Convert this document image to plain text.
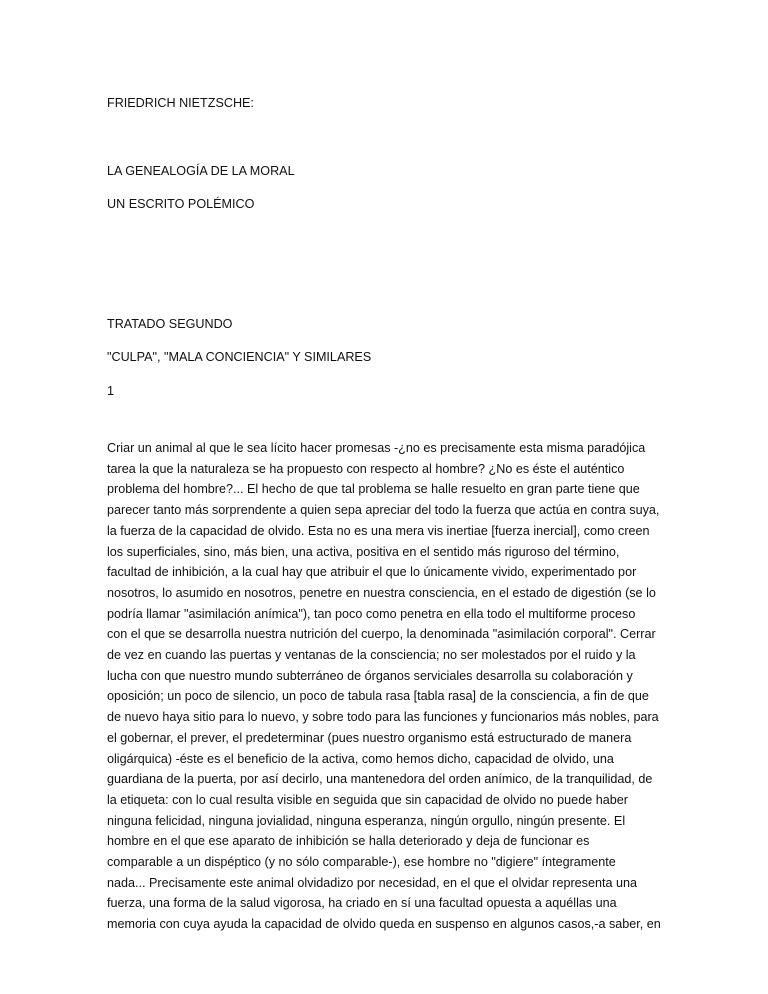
FRIEDRICH NIETZSCHE:

LA GENEALOGÍA DE LA MORAL

UN ESCRITO POLÉMICO

TRATADO SEGUNDO

"CULPA", "MALA CONCIENCIA" Y SIMILARES

1

Criar un animal al que le sea lícito hacer promesas -¿no es precisamente esta misma paradójica
tarea la que la naturaleza se ha propuesto con respecto al hombre? ¿No es éste el auténtico
problema del hombre?... El hecho de que tal problema se halle resuelto en gran parte tiene que
parecer tanto más sorprendente a quien sepa apreciar del todo la fuerza que actúa en contra suya,
la fuerza de la capacidad de olvido. Esta no es una mera vis inertiae [fuerza inercial], como creen
los superficiales, sino, más bien, una activa, positiva en el sentido más riguroso del término,
facultad de inhibición, a la cual hay que atribuir el que lo únicamente vivido, experimentado por
nosotros, lo asumido en nosotros, penetre en nuestra consciencia, en el estado de digestión (se lo
podría llamar "asimilación anímica"), tan poco como penetra en ella todo el multiforme proceso
con el que se desarrolla nuestra nutrición del cuerpo, la denominada "asimilación corporal". Cerrar
de vez en cuando las puertas y ventanas de la consciencia; no ser molestados por el ruido y la
lucha con que nuestro mundo subterráneo de órganos serviciales desarrolla su colaboración y
oposición; un poco de silencio, un poco de tabula rasa [tabla rasa] de la consciencia, a fin de que
de nuevo haya sitio para lo nuevo, y sobre todo para las funciones y funcionarios más nobles, para
el gobernar, el prever, el predeterminar (pues nuestro organismo está estructurado de manera
oligárquica) -éste es el beneficio de la activa, como hemos dicho, capacidad de olvido, una
guardiana de la puerta, por así decirlo, una mantenedora del orden anímico, de la tranquilidad, de
la etiqueta: con lo cual resulta visible en seguida que sin capacidad de olvido no puede haber
ninguna felicidad, ninguna jovialidad, ninguna esperanza, ningún orgullo, ningún presente. El
hombre en el que ese aparato de inhibición se halla deteriorado y deja de funcionar es
comparable a un dispéptico (y no sólo comparable-), ese hombre no "digiere" íntegramente
nada... Precisamente este animal olvidadizo por necesidad, en el que el olvidar representa una
fuerza, una forma de la salud vigorosa, ha criado en sí una facultad opuesta a aquéllas una
memoria con cuya ayuda la capacidad de olvido queda en suspenso en algunos casos,-a saber, en
